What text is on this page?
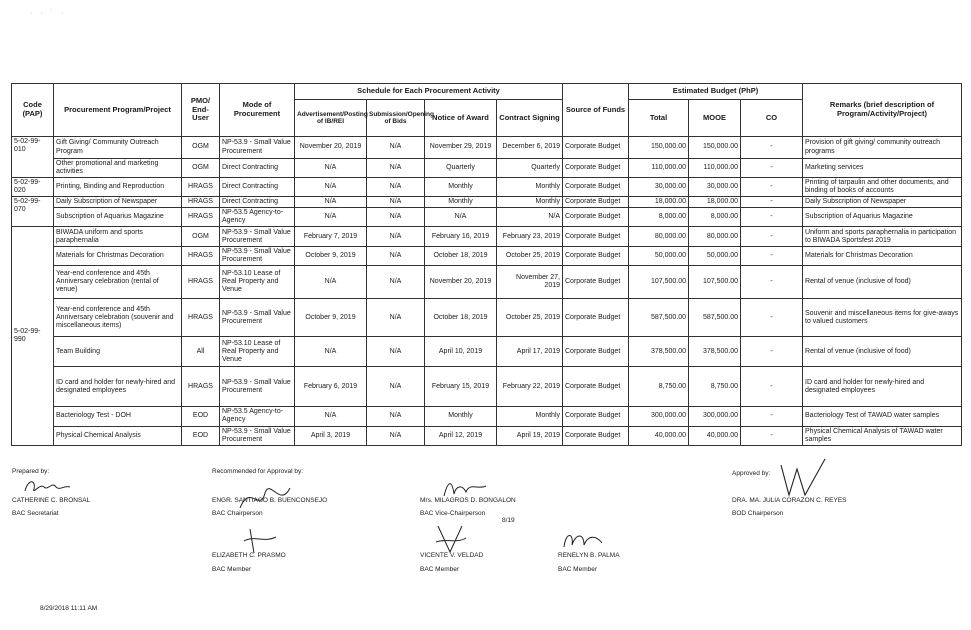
· · ˙ ·
Code (PAP)	Procurement Program/Project	PMO/ End-User	Mode of Procurement	Schedule for Each Procurement Activity				Source of Funds	Estimated Budget (PhP)			Remarks (brief description of Program/Activity/Project)
				Advertisement/Posting of IB/REI	Submission/Opening of Bids	Notice of Award	Contract Signing		Total	MOOE	CO	
5-02-99-010	Gift Giving/ Community Outreach Program	OGM	NP-53.9 - Small Value Procurement	November 20, 2019	N/A	November 29, 2019	December 6, 2019	Corporate Budget	150,000.00	150,000.00	-	Provision of gift giving/ community outreach programs
	Other promotional and marketing activities	OGM	Direct Contracting	N/A	N/A	Quarterly	Quarterly	Corporate Budget	110,000.00	110,000.00	-	Marketing services
5-02-99-020	Printing, Binding and Reproduction	HRAGS	Direct Contracting	N/A	N/A	Monthly	Monthly	Corporate Budget	30,000.00	30,000.00	-	Printing of tarpaulin and other documents, and binding of books of accounts
5-02-99-070	Daily Subscription of Newspaper	HRAGS	Direct Contracting	N/A	N/A	Monthly	Monthly	Corporate Budget	18,000.00	18,000.00	-	Daily Subscription of Newspaper
	Subscription of Aquarius Magazine	HRAGS	NP-53.5 Agency-to-Agency	N/A	N/A	N/A	N/A	Corporate Budget	8,000.00	8,000.00	-	Subscription of Aquarius Magazine
5-02-99-990	BIWADA uniform and sports paraphernalia	OGM	NP-53.9 - Small Value Procurement	February 7, 2019	N/A	February 16, 2019	February 23, 2019	Corporate Budget	80,000.00	80,000.00	-	Uniform and sports paraphernalia in participation to BIWADA Sportsfest 2019
	Materials for Christmas Decoration	HRAGS	NP-53.9 - Small Value Procurement	October 9, 2019	N/A	October 18, 2019	October 25, 2019	Corporate Budget	50,000.00	50,000.00	-	Materials for Christmas Decoration
	Year-end conference and 45th Anniversary celebration (rental of venue)	HRAGS	NP-53.10 Lease of Real Property and Venue	N/A	N/A	November 20, 2019	November 27, 2019	Corporate Budget	107,500.00	107,500.00	-	Rental of venue (inclusive of food)
	Year-end conference and 45th Anniversary celebration (souvenir and miscellaneous items)	HRAGS	NP-53.9 - Small Value Procurement	October 9, 2019	N/A	October 18, 2019	October 25, 2019	Corporate Budget	587,500.00	587,500.00	-	Souvenir and miscellaneous items for give-aways to valued customers
	Team Building	All	NP-53.10 Lease of Real Property and Venue	N/A	N/A	April 10, 2019	April 17, 2019	Corporate Budget	378,500.00	378,500.00	-	Rental of venue (inclusive of food)
	ID card and holder for newly-hired and designated employees	HRAGS	NP-53.9 - Small Value Procurement	February 6, 2019	N/A	February 15, 2019	February 22, 2019	Corporate Budget	8,750.00	8,750.00	-	ID card and holder for newly-hired and designated employees
	Bacteriology Test - DOH	EOD	NP-53.5 Agency-to-Agency	N/A	N/A	Monthly	Monthly	Corporate Budget	300,000.00	300,000.00	-	Bacteriology Test of TAWAD water samples
	Physical Chemical Analysis	EOD	NP-53.9 - Small Value Procurement	April 3, 2019	N/A	April 12, 2019	April 19, 2019	Corporate Budget	40,000.00	40,000.00	-	Physical Chemical Analysis of TAWAD water samples
Prepared by:
CATHERINE C. BRONSAL
BAC Secretariat
Recommended for Approval by:
ENGR. SANTIAGO B. BUENCONSEJO
BAC Chairperson
Mrs. MILAGROS D. BONGALON
BAC Vice-Chairperson
8/19
ELIZABETH C. PRASMO
BAC Member
VICENTE V. VELDAD
BAC Member
RENELYN B. PALMA
BAC Member
Approved by:
DRA. MA. JULIA CORAZON C. REYES
BOD Chairperson
8/29/2018 11:11 AM
